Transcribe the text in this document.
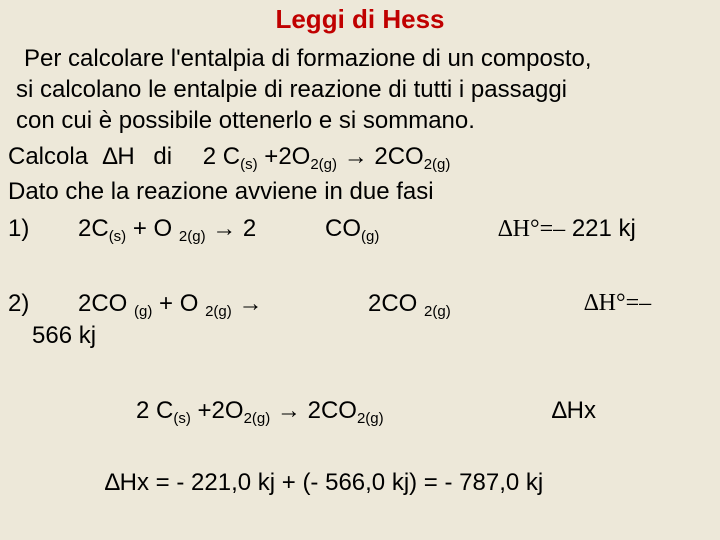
Leggi di Hess
Per calcolare l'entalpia di formazione di un composto,
si calcolano le entalpie di reazione di tutti i passaggi
con cui è possibile ottenerlo e si sommano.
Calcola ∆H di 2 $C_{(s)} +2O_{2(g)} \to 2CO_{2(g)}$
Dato che la reazione avviene in due fasi
1) $2C_{(s)} + O$ $_{2(g)}$ → 2	$CO_{(g)}$	∆H°=– 221 kj
2) 2CO $_{(g)}$ + O $_{2(g)}$ →	2CO $_{2(g)}$	∆H°=–
566 kj
2 $C_{(s)} +2O_{2(g)} \to 2CO_{2(g)}$	∆Hx
∆Hx = - 221,0 kj + (- 566,0 kj) = - 787,0 kj
